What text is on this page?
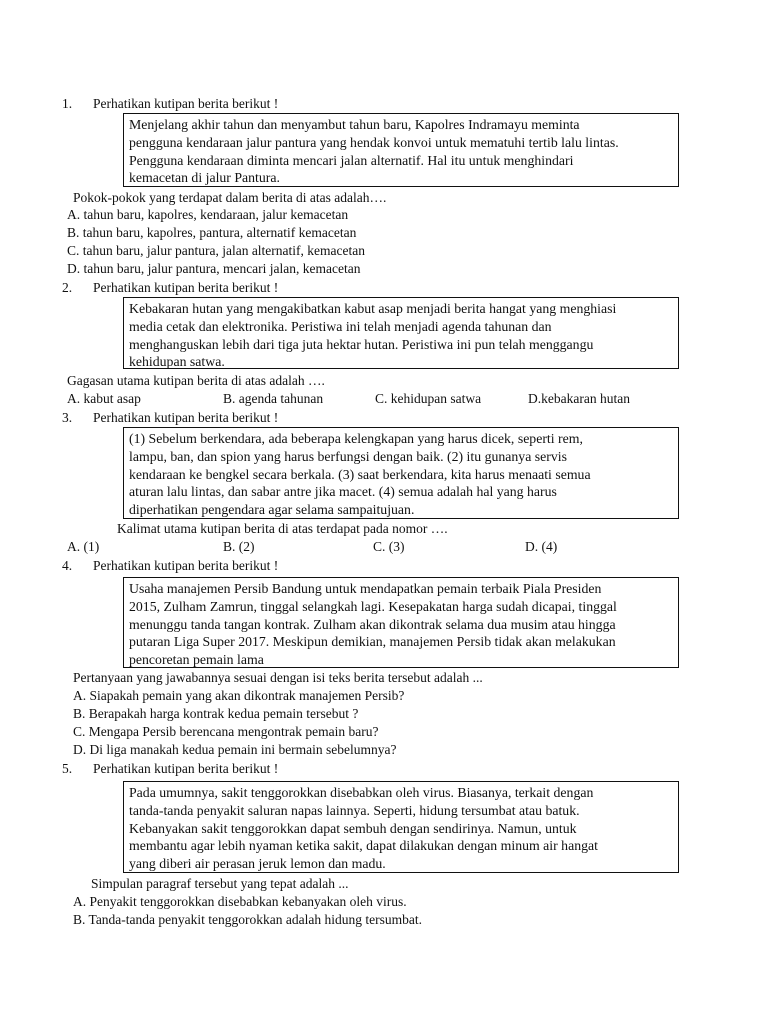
1. Perhatikan kutipan berita berikut !
Menjelang akhir tahun dan menyambut tahun baru, Kapolres Indramayu meminta
pengguna kendaraan jalur pantura yang hendak konvoi untuk mematuhi tertib lalu lintas.
Pengguna kendaraan diminta mencari jalan alternatif. Hal itu untuk menghindari
kemacetan di jalur Pantura.
Pokok-pokok yang terdapat dalam berita di atas adalah….
A. tahun baru, kapolres, kendaraan, jalur kemacetan
B. tahun baru, kapolres, pantura, alternatif kemacetan
C. tahun baru, jalur pantura, jalan alternatif, kemacetan
D. tahun baru, jalur pantura, mencari jalan, kemacetan
2. Perhatikan kutipan berita berikut !
Kebakaran hutan yang mengakibatkan kabut asap menjadi berita hangat yang menghiasi
media cetak dan elektronika. Peristiwa ini telah menjadi agenda tahunan dan
menghanguskan lebih dari tiga juta hektar hutan. Peristiwa ini pun telah menggangu
kehidupan satwa.
Gagasan utama kutipan berita di atas adalah ….
A. kabut asap	B. agenda tahunan	C. kehidupan satwa	D.kebakaran hutan
3. Perhatikan kutipan berita berikut !
(1) Sebelum berkendara, ada beberapa kelengkapan yang harus dicek, seperti rem,
lampu, ban, dan spion yang harus berfungsi dengan baik. (2) itu gunanya servis
kendaraan ke bengkel secara berkala. (3) saat berkendara, kita harus menaati semua
aturan lalu lintas, dan sabar antre jika macet. (4) semua adalah hal yang harus
diperhatikan pengendara agar selama sampaitujuan.
Kalimat utama kutipan berita di atas terdapat pada nomor ….
A. (1)	B. (2)	C. (3)	D. (4)
4. Perhatikan kutipan berita berikut !
Usaha manajemen Persib Bandung untuk mendapatkan pemain terbaik Piala Presiden
2015, Zulham Zamrun, tinggal selangkah lagi. Kesepakatan harga sudah dicapai, tinggal
menunggu tanda tangan kontrak. Zulham akan dikontrak selama dua musim atau hingga
putaran Liga Super 2017. Meskipun demikian, manajemen Persib tidak akan melakukan
pencoretan pemain lama
Pertanyaan yang jawabannya sesuai dengan isi teks berita tersebut adalah ...
A. Siapakah pemain yang akan dikontrak manajemen Persib?
B. Berapakah harga kontrak kedua pemain tersebut ?
C. Mengapa Persib berencana mengontrak pemain baru?
D. Di liga manakah kedua pemain ini bermain sebelumnya?
5. Perhatikan kutipan berita berikut !
Pada umumnya, sakit tenggorokkan disebabkan oleh virus. Biasanya, terkait dengan
tanda-tanda penyakit saluran napas lainnya. Seperti, hidung tersumbat atau batuk.
Kebanyakan sakit tenggorokkan dapat sembuh dengan sendirinya. Namun, untuk
membantu agar lebih nyaman ketika sakit, dapat dilakukan dengan minum air hangat
yang diberi air perasan jeruk lemon dan madu.
Simpulan paragraf tersebut yang tepat adalah ...
A. Penyakit tenggorokkan disebabkan kebanyakan oleh virus.
B. Tanda-tanda penyakit tenggorokkan adalah hidung tersumbat.
